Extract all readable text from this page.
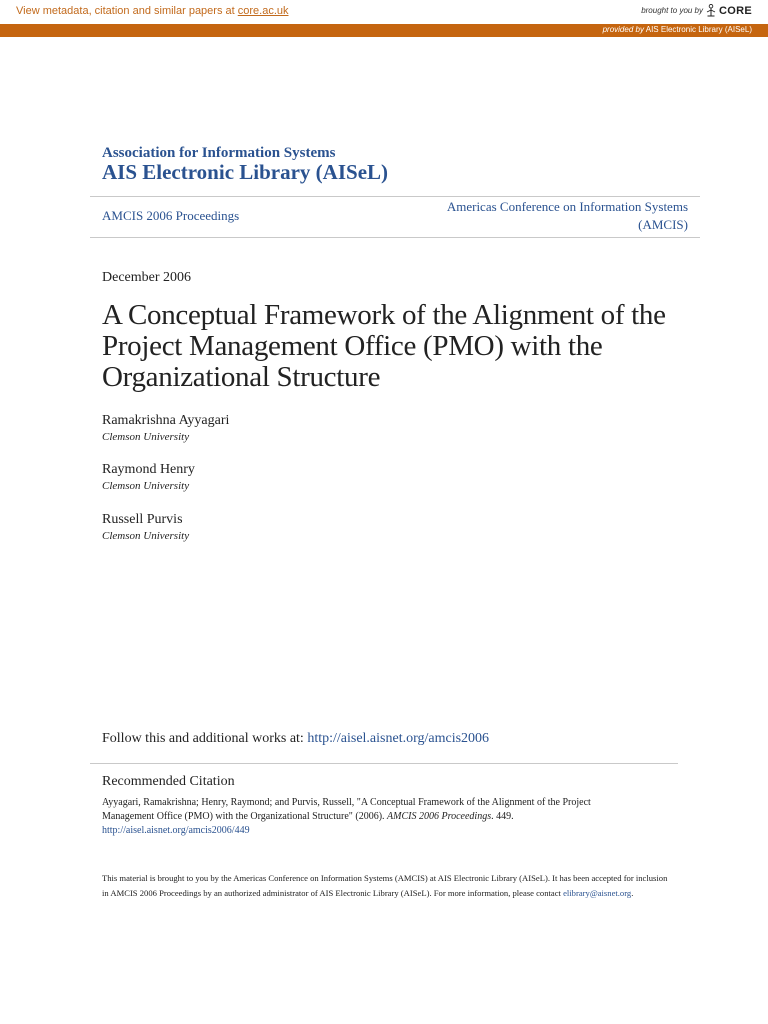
View metadata, citation and similar papers at core.ac.uk	brought to you by CORE
provided by AIS Electronic Library (AISeL)
Association for Information Systems
AIS Electronic Library (AISeL)
AMCIS 2006 Proceedings
Americas Conference on Information Systems
(AMCIS)
December 2006
A Conceptual Framework of the Alignment of the Project Management Office (PMO) with the Organizational Structure
Ramakrishna Ayyagari
Clemson University
Raymond Henry
Clemson University
Russell Purvis
Clemson University
Follow this and additional works at: http://aisel.aisnet.org/amcis2006
Recommended Citation
Ayyagari, Ramakrishna; Henry, Raymond; and Purvis, Russell, "A Conceptual Framework of the Alignment of the Project Management Office (PMO) with the Organizational Structure" (2006). AMCIS 2006 Proceedings. 449.
http://aisel.aisnet.org/amcis2006/449
This material is brought to you by the Americas Conference on Information Systems (AMCIS) at AIS Electronic Library (AISeL). It has been accepted for inclusion in AMCIS 2006 Proceedings by an authorized administrator of AIS Electronic Library (AISeL). For more information, please contact elibrary@aisnet.org.
